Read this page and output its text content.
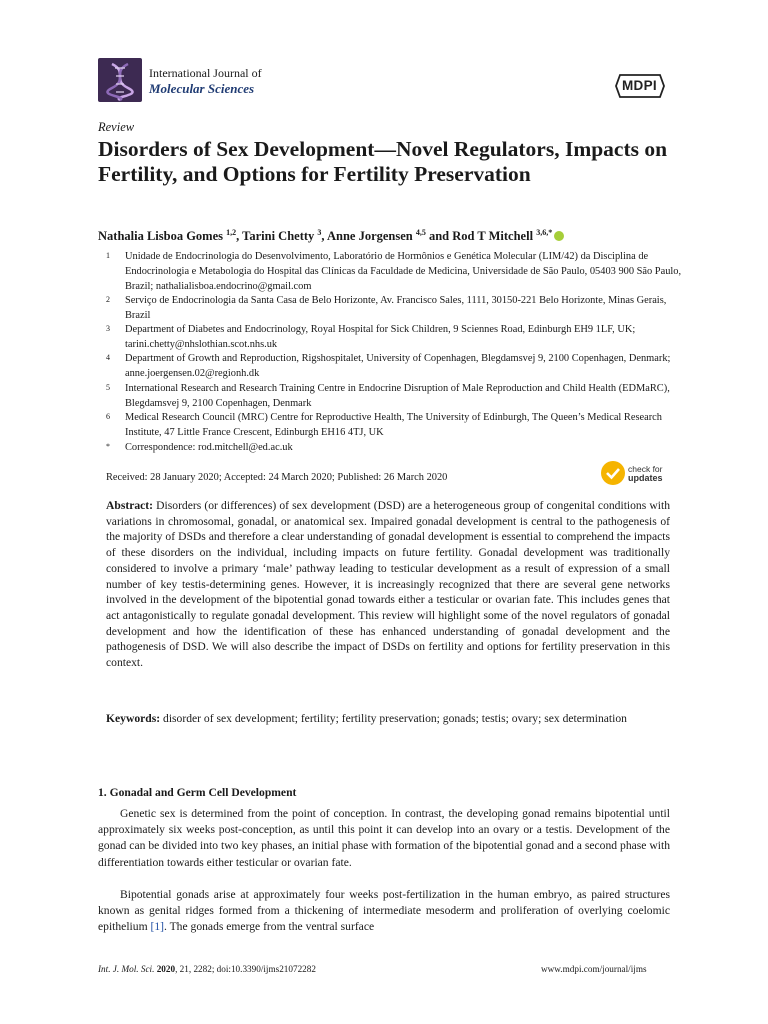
International Journal of
Molecular Sciences	MDPI
Review
Disorders of Sex Development—Novel Regulators, Impacts on Fertility, and Options for Fertility Preservation
Nathalia Lisboa Gomes $^{1,2}$, Tarini Chetty $^3$, Anne Jorgensen $^{4,5}$ and Rod T Mitchell $^{3,6,*}$
1 Unidade de Endocrinologia do Desenvolvimento, Laboratório de Hormônios e Genética Molecular (LIM/42) da Disciplina de Endocrinologia e Metabologia do Hospital das Clínicas da Faculdade de Medicina, Universidade de São Paulo, 05403 900 São Paulo, Brazil; nathalialisboa.endocrino@gmail.com
2 Serviço de Endocrinologia da Santa Casa de Belo Horizonte, Av. Francisco Sales, 1111, 30150-221 Belo Horizonte, Minas Gerais, Brazil
3 Department of Diabetes and Endocrinology, Royal Hospital for Sick Children, 9 Sciennes Road, Edinburgh EH9 1LF, UK; tarini.chetty@nhslothian.scot.nhs.uk
4 Department of Growth and Reproduction, Rigshospitalet, University of Copenhagen, Blegdamsvej 9, 2100 Copenhagen, Denmark; anne.joergensen.02@regionh.dk
5 International Research and Research Training Centre in Endocrine Disruption of Male Reproduction and Child Health (EDMaRC), Blegdamsvej 9, 2100 Copenhagen, Denmark
6 Medical Research Council (MRC) Centre for Reproductive Health, The University of Edinburgh, The Queen’s Medical Research Institute, 47 Little France Crescent, Edinburgh EH16 4TJ, UK
* Correspondence: rod.mitchell@ed.ac.uk
Received: 28 January 2020; Accepted: 24 March 2020; Published: 26 March 2020
check for
updates
Abstract: Disorders (or differences) of sex development (DSD) are a heterogeneous group of congenital conditions with variations in chromosomal, gonadal, or anatomical sex. Impaired gonadal development is central to the pathogenesis of the majority of DSDs and therefore a clear understanding of gonadal development is essential to comprehend the impacts of these disorders on the individual, including impacts on future fertility. Gonadal development was traditionally considered to involve a primary ‘male’ pathway leading to testicular development as a result of expression of a small number of key testis-determining genes. However, it is increasingly recognized that there are several gene networks involved in the development of the bipotential gonad towards either a testicular or ovarian fate. This includes genes that act antagonistically to regulate gonadal development. This review will highlight some of the novel regulators of gonadal development and how the identification of these has enhanced understanding of gonadal development and the pathogenesis of DSD. We will also describe the impact of DSDs on fertility and options for fertility preservation in this context.
Keywords: disorder of sex development; fertility; fertility preservation; gonads; testis; ovary; sex determination
1. Gonadal and Germ Cell Development
Genetic sex is determined from the point of conception. In contrast, the developing gonad remains bipotential until approximately six weeks post-conception, as until this point it can develop into an ovary or a testis. Development of the gonad can be divided into two key phases, an initial phase with formation of the bipotential gonad and a second phase with differentiation towards either testicular or ovarian fate.
Bipotential gonads arise at approximately four weeks post-fertilization in the human embryo, as paired structures known as genital ridges formed from a thickening of intermediate mesoderm and proliferation of overlying coelomic epithelium [1]. The gonads emerge from the ventral surface
Int. J. Mol. Sci. 2020, 21, 2282; doi:10.3390/ijms21072282	www.mdpi.com/journal/ijms
